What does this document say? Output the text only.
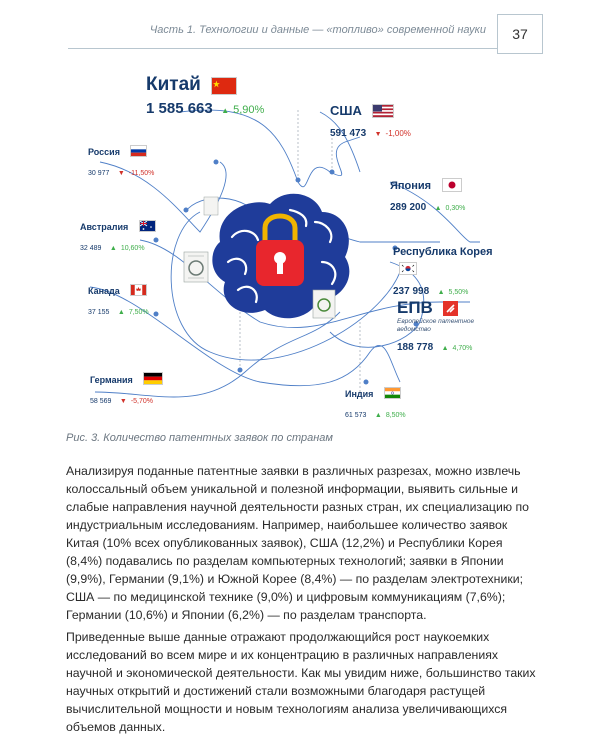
Часть 1. Технологии и данные — «топливо» современной науки	37
Китай
1 585 663 ▲ 5,90%	США
591 473 ▼ -1,00%
Россия
30 977 ▼ -11,50%
Япония
289 200 ▲ 0,30%
Австралия
32 489 ▲ 10,60%	Республика Корея
237 998 ▲ 5,50%
Канада
37 155 ▲ 7,50%	ЕПВ
Европейское патентное
ведомство
188 778 ▲ 4,70%
Германия
58 569 ▼ -5,70%
Индия
61 573 ▲ 8,50%
Рис. 3. Количество патентных заявок по странам

Анализируя поданные патентные заявки в различных разрезах, можно извлечь колоссальный объем уникальной и полезной информации, выявить сильные и слабые направления научной деятельности разных стран, их специализацию по индустриальным исследованиям. Например, наибольшее количество заявок Китая (10% всех опубликованных заявок), США (12,2%) и Республики Корея (8,4%) подавались по разделам компьютерных технологий; заявки в Японии (9,9%), Германии (9,1%) и Южной Корее (8,4%) — по разделам электротехники; США — по медицинской технике (9,0%) и цифровым коммуникациям (7,6%); Германии (10,6%) и Японии (6,2%) — по разделам транспорта.

Приведенные выше данные отражают продолжающийся рост наукоемких исследований во всем мире и их концентрацию в различных направлениях научной и экономической деятельности. Как мы увидим ниже, большинство таких научных открытий и достижений стали возможными благодаря растущей вычислительной мощности и новым технологиям анализа увеличивающихся объемов данных.
